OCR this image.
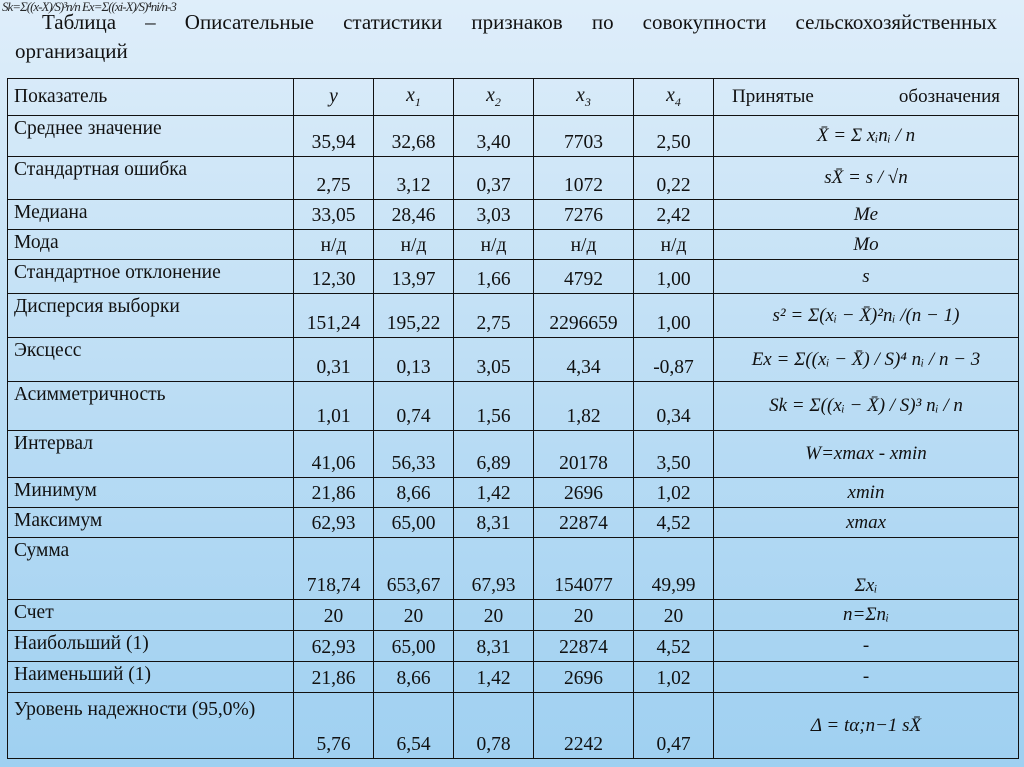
Sk=Σ((x-X)/S)³n/n Ex=Σ((xi-X)/S)⁴ni/n-3
Таблица – Описательные статистики признаков по совокупности сельскохозяйственных
организаций
Показатель	y	$x_1$	$x_2$	$x_3$	$x_4$	Принятые обозначения
Среднее значение	35,94	32,68	3,40	7703	2,50	X̄ = Σ xᵢnᵢ / n
Стандартная ошибка	2,75	3,12	0,37	1072	0,22	sX̄ = s / √n
Медиана	33,05	28,46	3,03	7276	2,42	Me
Мода	н/д	н/д	н/д	н/д	н/д	Mo
Стандартное отклонение	12,30	13,97	1,66	4792	1,00	s
Дисперсия выборки	151,24	195,22	2,75	2296659	1,00	s² = Σ(xᵢ − X̄)²nᵢ /(n − 1)
Эксцесс	0,31	0,13	3,05	4,34	-0,87	Ex = Σ((xᵢ − X̄) / S)⁴ nᵢ / n − 3
Асимметричность	1,01	0,74	1,56	1,82	0,34	Sk = Σ((xᵢ − X̄) / S)³ nᵢ / n
Интервал	41,06	56,33	6,89	20178	3,50	W=xmax - xmin
Минимум	21,86	8,66	1,42	2696	1,02	xmin
Максимум	62,93	65,00	8,31	22874	4,52	xmax
Сумма	718,74	653,67	67,93	154077	49,99	Σxᵢ
Счет	20	20	20	20	20	n=Σnᵢ
Наибольший (1)	62,93	65,00	8,31	22874	4,52	-
Наименьший (1)	21,86	8,66	1,42	2696	1,02	-
Уровень надежности (95,0%)	5,76	6,54	0,78	2242	0,47	Δ = tα;n−1 sX̄
